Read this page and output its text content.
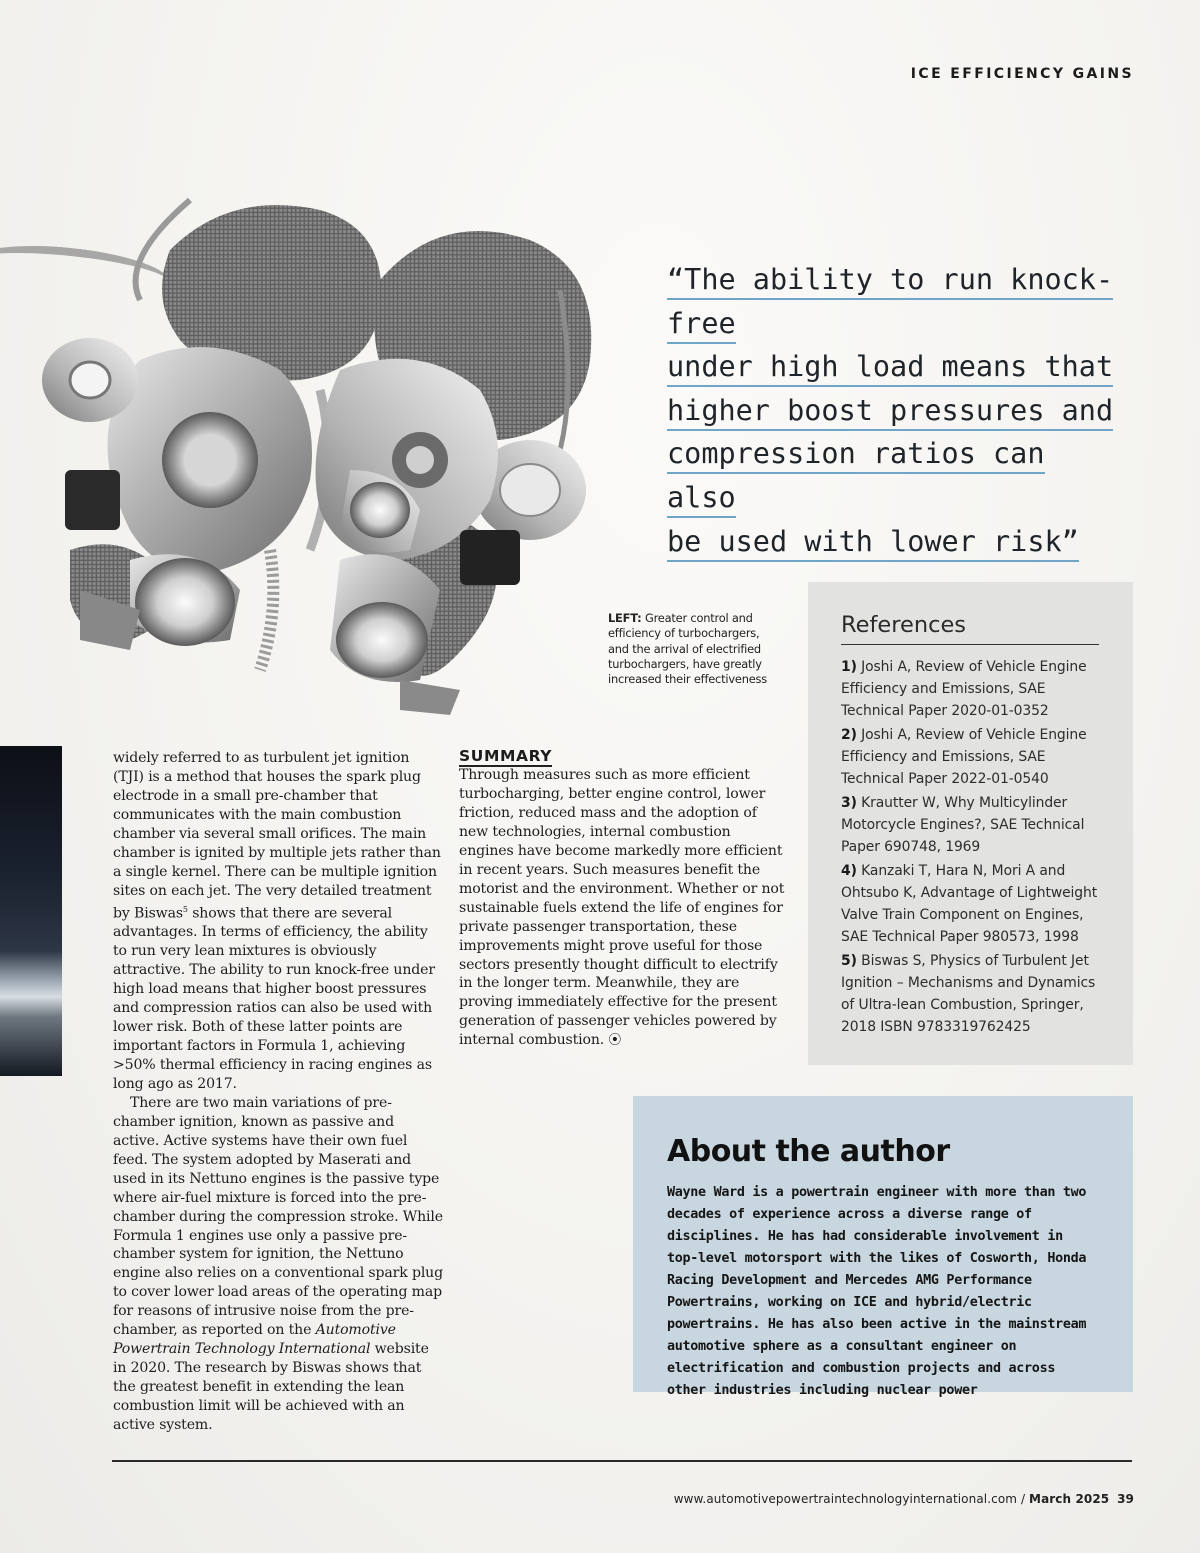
ICE EFFICIENCY GAINS
“The ability to run knock-free
under high load means that
higher boost pressures and
compression ratios can also
be used with lower risk”
LEFT: Greater control and efficiency of turbochargers, and the arrival of electrified turbochargers, have greatly increased their effectiveness

widely referred to as turbulent jet ignition (TJI) is a method that houses the spark plug electrode in a small pre-chamber that communicates with the main combustion chamber via several small orifices. The main chamber is ignited by multiple jets rather than a single kernel. There can be multiple ignition sites on each jet. The very detailed treatment by Biswas$^5$ shows that there are several advantages. In terms of efficiency, the ability to run very lean mixtures is obviously attractive. The ability to run knock-free under high load means that higher boost pressures and compression ratios can also be used with lower risk. Both of these latter points are important factors in Formula 1, achieving >50% thermal efficiency in racing engines as long ago as 2017.

There are two main variations of pre-chamber ignition, known as passive and active. Active systems have their own fuel feed. The system adopted by Maserati and used in its Nettuno engines is the passive type where air-fuel mixture is forced into the pre-chamber during the compression stroke. While Formula 1 engines use only a passive pre-chamber system for ignition, the Nettuno engine also relies on a conventional spark plug to cover lower load areas of the operating map for reasons of intrusive noise from the pre-chamber, as reported on the Automotive Powertrain Technology International website in 2020. The research by Biswas shows that the greatest benefit in extending the lean combustion limit will be achieved with an active system.

SUMMARY

Through measures such as more efficient turbocharging, better engine control, lower friction, reduced mass and the adoption of new technologies, internal combustion engines have become markedly more efficient in recent years. Such measures benefit the motorist and the environment. Whether or not sustainable fuels extend the life of engines for private passenger transportation, these improvements might prove useful for those sectors presently thought difficult to electrify in the longer term. Meanwhile, they are proving immediately effective for the present generation of passenger vehicles powered by internal combustion. ⦿

References

1) Joshi A, Review of Vehicle Engine Efficiency and Emissions, SAE Technical Paper 2020-01-0352

2) Joshi A, Review of Vehicle Engine Efficiency and Emissions, SAE Technical Paper 2022-01-0540

3) Krautter W, Why Multicylinder Motorcycle Engines?, SAE Technical Paper 690748, 1969

4) Kanzaki T, Hara N, Mori A and Ohtsubo K, Advantage of Lightweight Valve Train Component on Engines, SAE Technical Paper 980573, 1998

5) Biswas S, Physics of Turbulent Jet Ignition – Mechanisms and Dynamics of Ultra-lean Combustion, Springer, 2018 ISBN 9783319762425

About the author
Wayne Ward is a powertrain engineer with more than two decades of experience across a diverse range of disciplines. He has had considerable involvement in top-level motorsport with the likes of Cosworth, Honda Racing Development and Mercedes AMG Performance Powertrains, working on ICE and hybrid/electric powertrains. He has also been active in the mainstream automotive sphere as a consultant engineer on electrification and combustion projects and across other industries including nuclear power
www.automotivepowertraintechnologyinternational.com / March 2025 39
